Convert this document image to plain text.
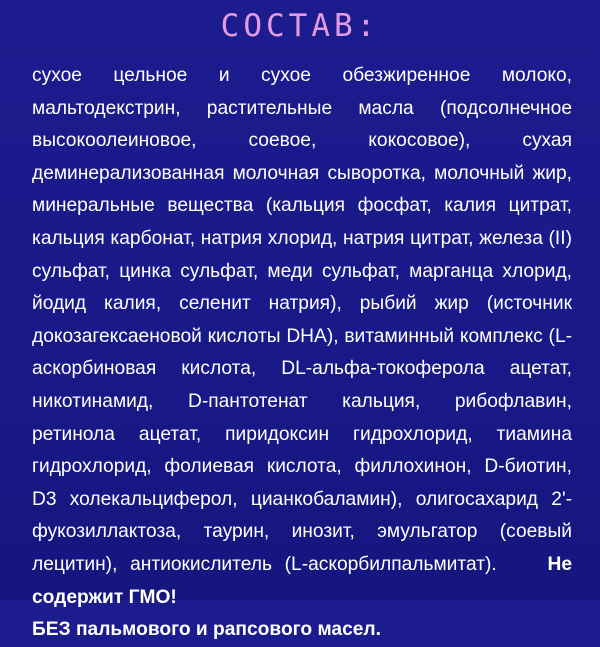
СОСТАВ:

сухое цельное и сухое обезжиренное молоко, мальтодекстрин, растительные масла (подсолнечное высокоолеиновое, соевое, кокосовое), сухая деминерализованная молочная сыворотка, молочный жир, минеральные вещества (кальция фосфат, калия цитрат, кальция карбонат, натрия хлорид, натрия цитрат, железа (II) сульфат, цинка сульфат, меди сульфат, марганца хлорид, йодид калия, селенит натрия), рыбий жир (источник докозагексаеновой кислоты DHA), витаминный комплекс (L-аскорбиновая кислота, DL-альфа-токоферола ацетат, никотинамид, D-пантотенат кальция, рибофлавин, ретинола ацетат, пиридоксин гидрохлорид, тиамина гидрохлорид, фолиевая кислота, филлохинон, D-биотин, D3 холекальциферол, цианкобаламин), олигосахарид 2'-фукозиллактоза, таурин, инозит, эмульгатор (соевый лецитин), антиокислитель (L-аскорбилпальмитат).	Не содержит ГМО!
БЕЗ пальмового и рапсового масел.
